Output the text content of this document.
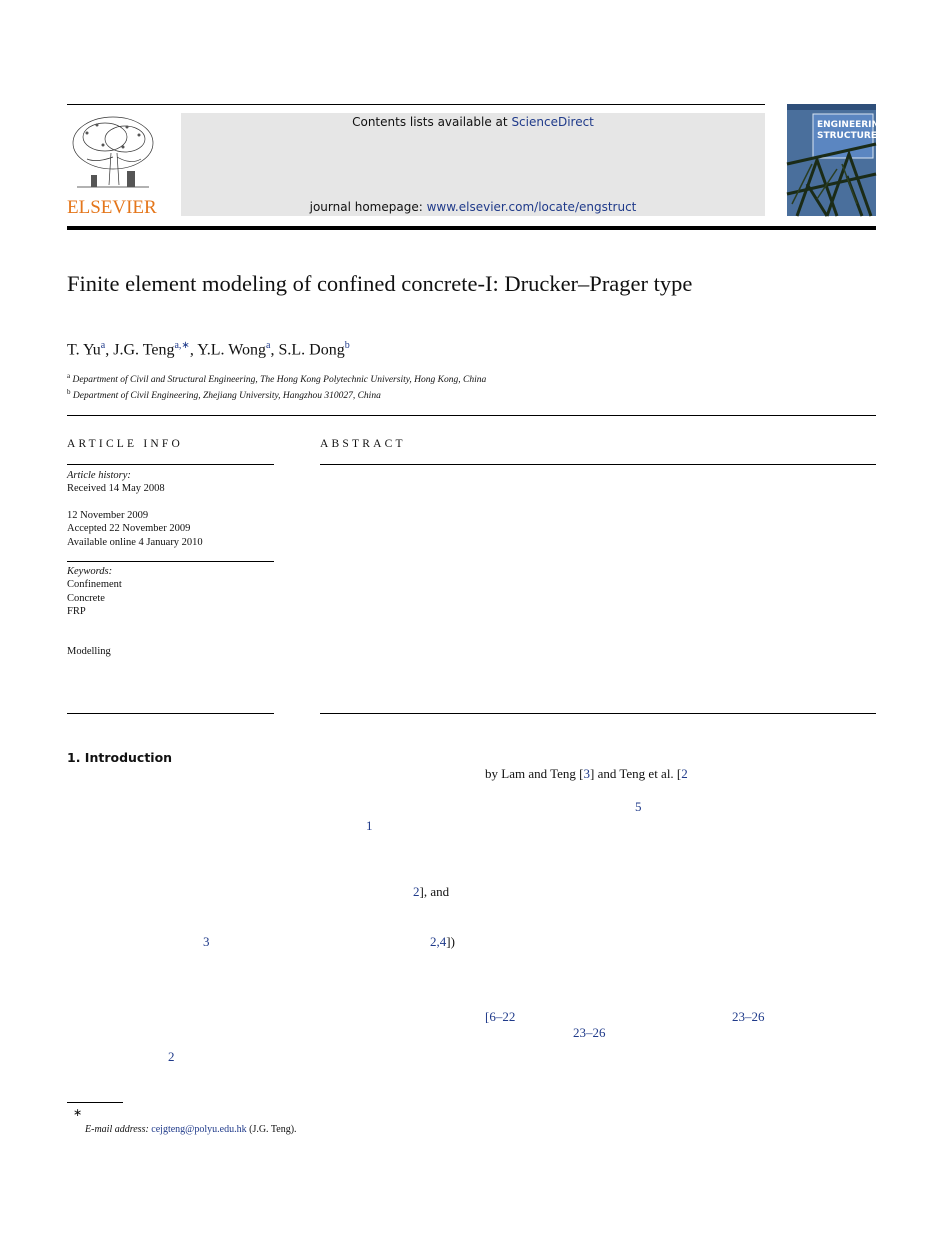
ELSEVIER
Contents lists available at ScienceDirect
journal homepage: www.elsevier.com/locate/engstruct
ENGINEERING
STRUCTURES
Finite element modeling of confined concrete-I: Drucker–Prager type
T. Yu$^a$, J.G. Teng$^{a,∗}$, Y.L. Wong$^a$, S.L. Dong$^b$
$^a$ Department of Civil and Structural Engineering, The Hong Kong Polytechnic University, Hong Kong, China
$^b$ Department of Civil Engineering, Zhejiang University, Hangzhou 310027, China
ARTICLE INFO
Article history:
Received 14 May 2008
12 November 2009
Accepted 22 November 2009
Available online 4 January 2010
Keywords:
Confinement
Concrete
FRP
Modelling
ABSTRACT
1. Introduction
by Lam and Teng [3] and Teng et al. [2
5
1
2], and
3	2,4])
[6–22	23–26
23–26
2
∗
E-mail address: cejgteng@polyu.edu.hk (J.G. Teng).
